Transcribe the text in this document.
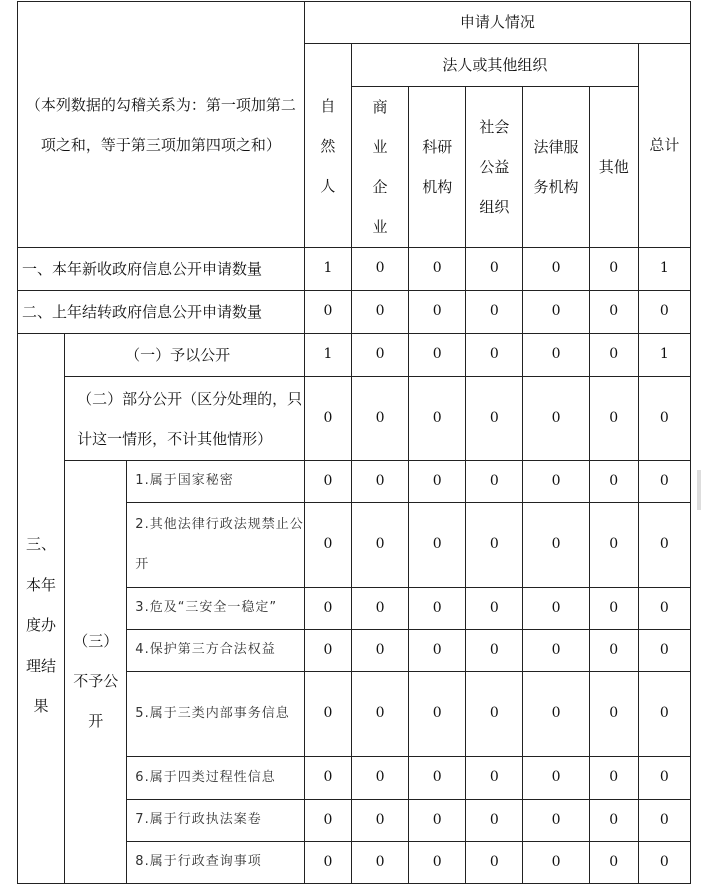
（本列数据的勾稽关系为：第一项加第二项之和，等于第三项加第四项之和）			申请人情况						
			自然人	法人或其他组织					总计
				商业企业	科研机构	社会公益组织	法律服务机构	其他	
一、本年新收政府信息公开申请数量			1	0	0	0	0	0	1
二、上年结转政府信息公开申请数量			0	0	0	0	0	0	0
三、本年度办理结果	（一）予以公开		1	0	0	0	0	0	1
	（二）部分公开（区分处理的，只计这一情形，不计其他情形）		0	0	0	0	0	0	0
	（三）不予公开	1.属于国家秘密	0	0	0	0	0	0	0
		2.其他法律行政法规禁止公开	0	0	0	0	0	0	0
		3.危及“三安全一稳定”	0	0	0	0	0	0	0
		4.保护第三方合法权益	0	0	0	0	0	0	0
		5.属于三类内部事务信息	0	0	0	0	0	0	0
		6.属于四类过程性信息	0	0	0	0	0	0	0
		7.属于行政执法案卷	0	0	0	0	0	0	0
		8.属于行政查询事项	0	0	0	0	0	0	0
